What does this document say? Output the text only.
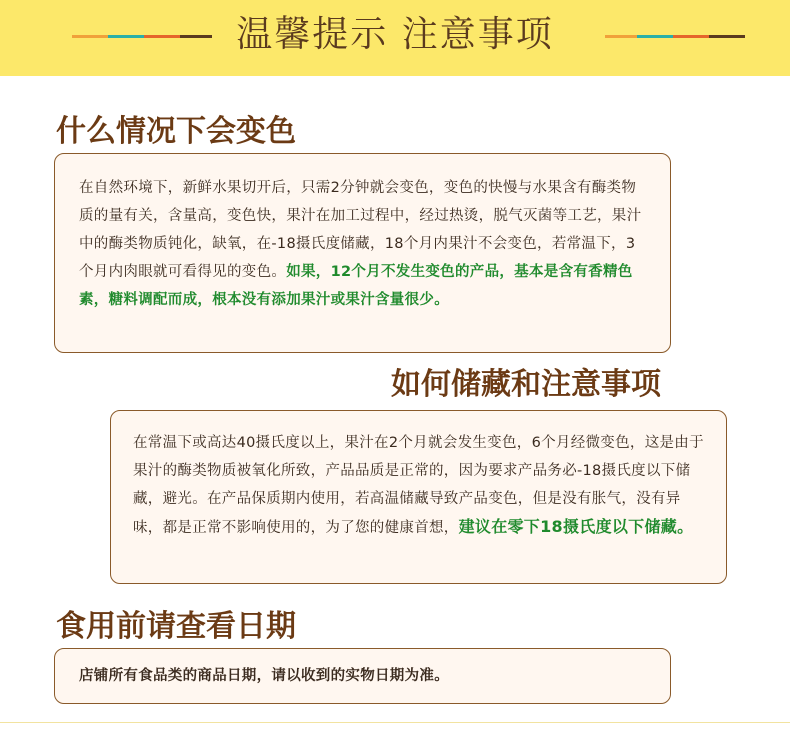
温馨提示 注意事项
什么情况下会变色

在自然环境下，新鲜水果切开后，只需2分钟就会变色，变色的快慢与水果含有酶类物质的量有关，含量高，变色快，果汁在加工过程中，经过热烫，脱气灭菌等工艺，果汁中的酶类物质钝化，缺氧，在-18摄氏度储藏，18个月内果汁不会变色，若常温下，3个月内肉眼就可看得见的变色。如果，12个月不发生变色的产品，基本是含有香精色素，糖料调配而成，根本没有添加果汁或果汁含量很少。

如何储藏和注意事项

在常温下或高达40摄氏度以上，果汁在2个月就会发生变色，6个月经微变色，这是由于果汁的酶类物质被氧化所致，产品品质是正常的，因为要求产品务必-18摄氏度以下储藏，避光。在产品保质期内使用，若高温储藏导致产品变色，但是没有胀气，没有异味，都是正常不影响使用的，为了您的健康首想，建议在零下18摄氏度以下储藏。

食用前请查看日期

店铺所有食品类的商品日期，请以收到的实物日期为准。
